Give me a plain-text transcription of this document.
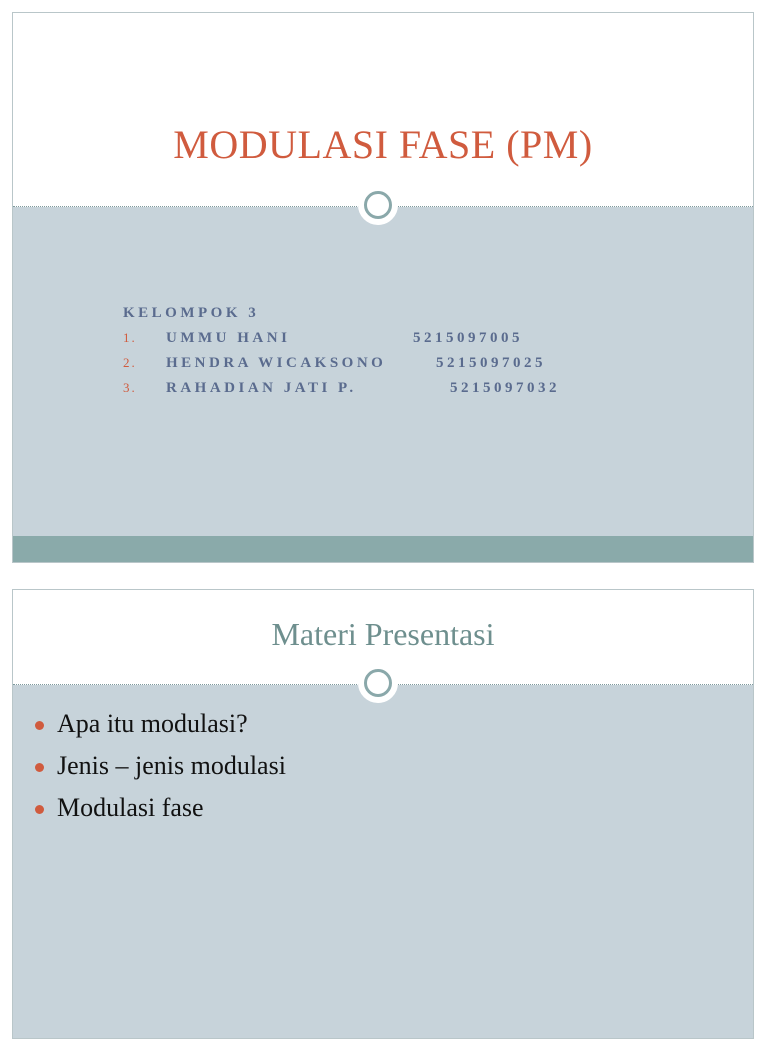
MODULASI FASE (PM)
KELOMPOK 3
1. UMMU HANI	5215097005
2. HENDRA WICAKSONO	5215097025
3. RAHADIAN JATI P.	5215097032
Materi Presentasi
Apa itu modulasi?
Jenis – jenis modulasi
Modulasi fase
